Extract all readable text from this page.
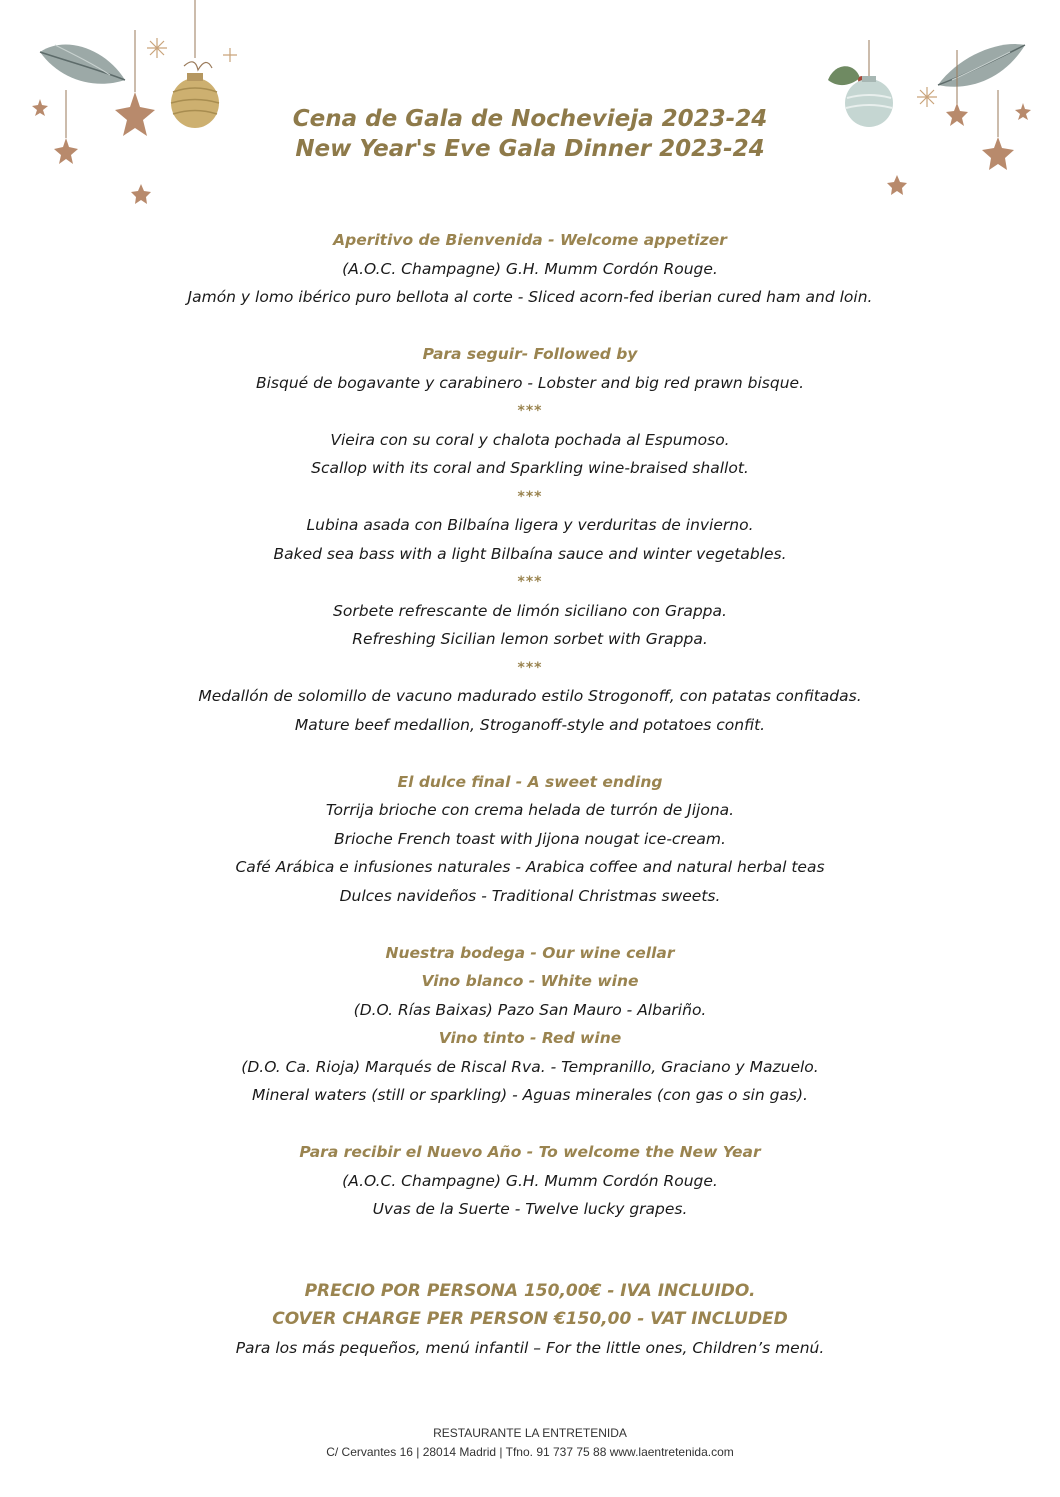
Cena de Gala de Nochevieja 2023-24
New Year's Eve Gala Dinner 2023-24

Aperitivo de Bienvenida - Welcome appetizer

(A.O.C. Champagne) G.H. Mumm Cordón Rouge.

Jamón y lomo ibérico puro bellota al corte - Sliced acorn-fed iberian cured ham and loin.

Para seguir- Followed by

Bisqué de bogavante y carabinero - Lobster and big red prawn bisque.

***

Vieira con su coral y chalota pochada al Espumoso.

Scallop with its coral and Sparkling wine-braised shallot.

***

Lubina asada con Bilbaína ligera y verduritas de invierno.

Baked sea bass with a light Bilbaína sauce and winter vegetables.

***

Sorbete refrescante de limón siciliano con Grappa.

Refreshing Sicilian lemon sorbet with Grappa.

***

Medallón de solomillo de vacuno madurado estilo Strogonoff, con patatas confitadas.

Mature beef medallion, Stroganoff-style and potatoes confit.

El dulce final - A sweet ending

Torrija brioche con crema helada de turrón de Jijona.

Brioche French toast with Jijona nougat ice-cream.

Café Arábica e infusiones naturales - Arabica coffee and natural herbal teas

Dulces navideños - Traditional Christmas sweets.

Nuestra bodega - Our wine cellar

Vino blanco - White wine

(D.O. Rías Baixas) Pazo San Mauro - Albariño.

Vino tinto - Red wine

(D.O. Ca. Rioja) Marqués de Riscal Rva. - Tempranillo, Graciano y Mazuelo.

Mineral waters (still or sparkling) - Aguas minerales (con gas o sin gas).

Para recibir el Nuevo Año - To welcome the New Year

(A.O.C. Champagne) G.H. Mumm Cordón Rouge.

Uvas de la Suerte - Twelve lucky grapes.

PRECIO POR PERSONA 150,00€ - IVA INCLUIDO.
COVER CHARGE PER PERSON €150,00 - VAT INCLUDED
Para los más pequeños, menú infantil – For the little ones, Children’s menú.
RESTAURANTE LA ENTRETENIDA
C/ Cervantes 16 | 28014 Madrid | Tfno. 91 737 75 88 www.laentretenida.com
